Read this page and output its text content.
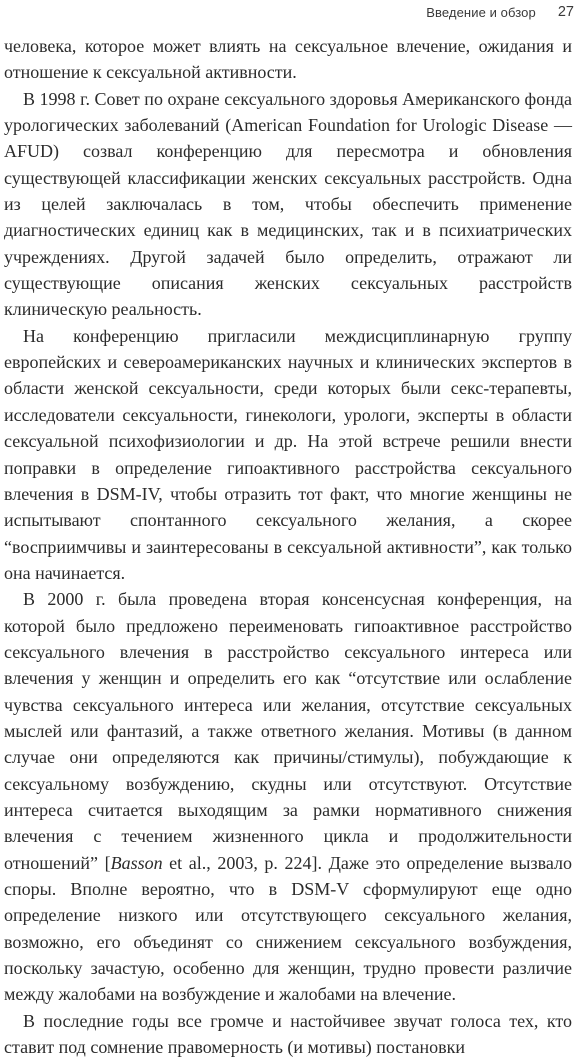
Введение и обзор 27

человека, которое может влиять на сексуальное влечение, ожидания и отношение к сексуальной активности.

В 1998 г. Совет по охране сексуального здоровья Американского фонда урологических заболеваний (American Foundation for Urologic Disease — AFUD) созвал конференцию для пересмотра и обновления существующей классификации женских сексуальных расстройств. Одна из целей заключалась в том, чтобы обеспечить применение диагностических единиц как в медицинских, так и в психиатрических учреждениях. Другой задачей было определить, отражают ли существующие описания женских сексуальных расстройств клиническую реальность.

На конференцию пригласили междисциплинарную группу европейских и североамериканских научных и клинических экспертов в области женской сексуальности, среди которых были секс-терапевты, исследователи сексуальности, гинекологи, урологи, эксперты в области сексуальной психофизиологии и др. На этой встрече решили внести поправки в определение гипоактивного расстройства сексуального влечения в DSM-IV, чтобы отразить тот факт, что многие женщины не испытывают спонтанного сексуального желания, а скорее “восприимчивы и заинтересованы в сексуальной активности”, как только она начинается.

В 2000 г. была проведена вторая консенсусная конференция, на которой было предложено переименовать гипоактивное расстройство сексуального влечения в расстройство сексуального интереса или влечения у женщин и определить его как “отсутствие или ослабление чувства сексуального интереса или желания, отсутствие сексуальных мыслей или фантазий, а также ответного желания. Мотивы (в данном случае они определяются как причины/стимулы), побуждающие к сексуальному возбуждению, скудны или отсутствуют. Отсутствие интереса считается выходящим за рамки нормативного снижения влечения с течением жизненного цикла и продолжительности отношений” [Basson et al., 2003, p. 224]. Даже это определение вызвало споры. Вполне вероятно, что в DSM-V сформулируют еще одно определение низкого или отсутствующего сексуального желания, возможно, его объединят со снижением сексуального возбуждения, поскольку зачастую, особенно для женщин, трудно провести различие между жалобами на возбуждение и жалобами на влечение.

В последние годы все громче и настойчивее звучат голоса тех, кто ставит под сомнение правомерность (и мотивы) постановки
